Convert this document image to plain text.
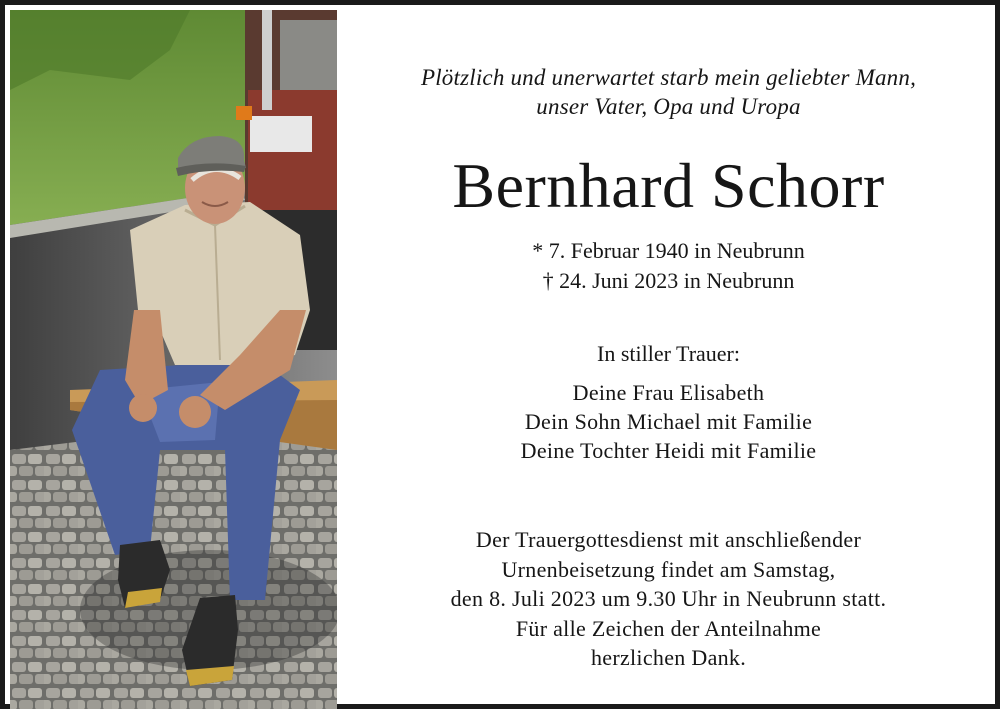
Plötzlich und unerwartet starb mein geliebter Mann,
unser Vater, Opa und Uropa
Bernhard Schorr
* 7. Februar 1940 in Neubrunn
† 24. Juni 2023 in Neubrunn
In stiller Trauer:
Deine Frau Elisabeth
Dein Sohn Michael mit Familie
Deine Tochter Heidi mit Familie
Der Trauergottesdienst mit anschließender
Urnenbeisetzung findet am Samstag,
den 8. Juli 2023 um 9.30 Uhr in Neubrunn statt.
Für alle Zeichen der Anteilnahme
herzlichen Dank.
